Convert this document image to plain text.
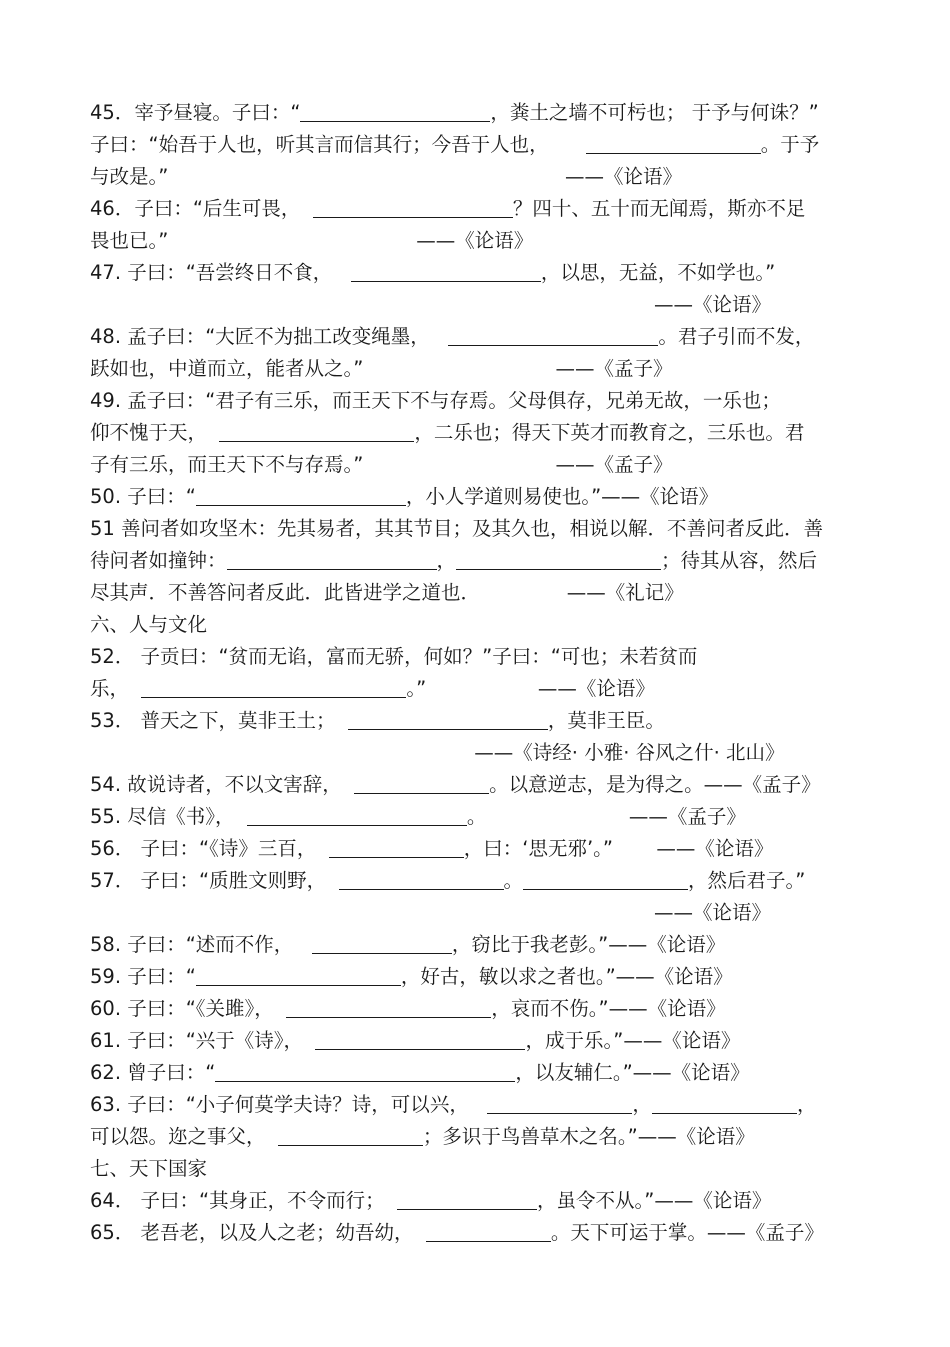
45．宰予昼寝。子曰：“	，粪土之墙不可杇也； 于予与何诛？”
子曰：“始吾于人也，听其言而信其行；今吾于人也，	。于予
与改是。”                                                                ——《论语》
46．子曰：“后生可畏，	？四十、五十而无闻焉，斯亦不足
畏也已。”                                        ——《论语》
47. 子曰：“吾尝终日不食，	，以思，无益，不如学也。”
——《论语》
48. 孟子曰：“大匠不为拙工改变绳墨，	。君子引而不发，
跃如也，中道而立，能者从之。”                               ——《孟子》
49. 孟子曰：“君子有三乐，而王天下不与存焉。父母俱存，兄弟无故，一乐也；
仰不愧于天，	，二乐也；得天下英才而教育之，三乐也。君
子有三乐，而王天下不与存焉。”                               ——《孟子》
50. 子曰：“	，小人学道则易使也。”——《论语》
51 善问者如攻坚木：先其易者，其其节目；及其久也，相说以解．不善问者反此．善
待问者如撞钟：	，	；待其从容，然后
尽其声．不善答问者反此．此皆进学之道也．              ——《礼记》
六、人与文化
52． 子贡曰：“贫而无谄，富而无骄，何如？”子曰：“可也；未若贫而
乐，	。”                  ——《论语》
53． 普天之下，莫非王土；	，莫非王臣。
——《诗经· 小雅· 谷风之什· 北山》
54. 故说诗者，不以文害辞，	。以意逆志，是为得之。——《孟子》
55. 尽信《书》，	。                       ——《孟子》
56． 子曰：“《诗》三百，	，曰：‘思无邪’。”       ——《论语》
57． 子曰：“质胜文则野，	。	，然后君子。”
——《论语》
58. 子曰：“述而不作，	，窃比于我老彭。”——《论语》
59. 子曰：“	，好古，敏以求之者也。”——《论语》
60. 子曰：“《关雎》，	，哀而不伤。”——《论语》
61. 子曰：“兴于《诗》，	，成于乐。”——《论语》
62. 曾子曰：“	，以友辅仁。”——《论语》
63. 子曰：“小子何莫学夫诗？诗，可以兴，	，	，
可以怨。迩之事父，	；多识于鸟兽草木之名。”——《论语》
七、天下国家
64． 子曰：“其身正，不令而行；	，虽令不从。”——《论语》
65． 老吾老，以及人之老；幼吾幼，	。天下可运于掌。——《孟子》
